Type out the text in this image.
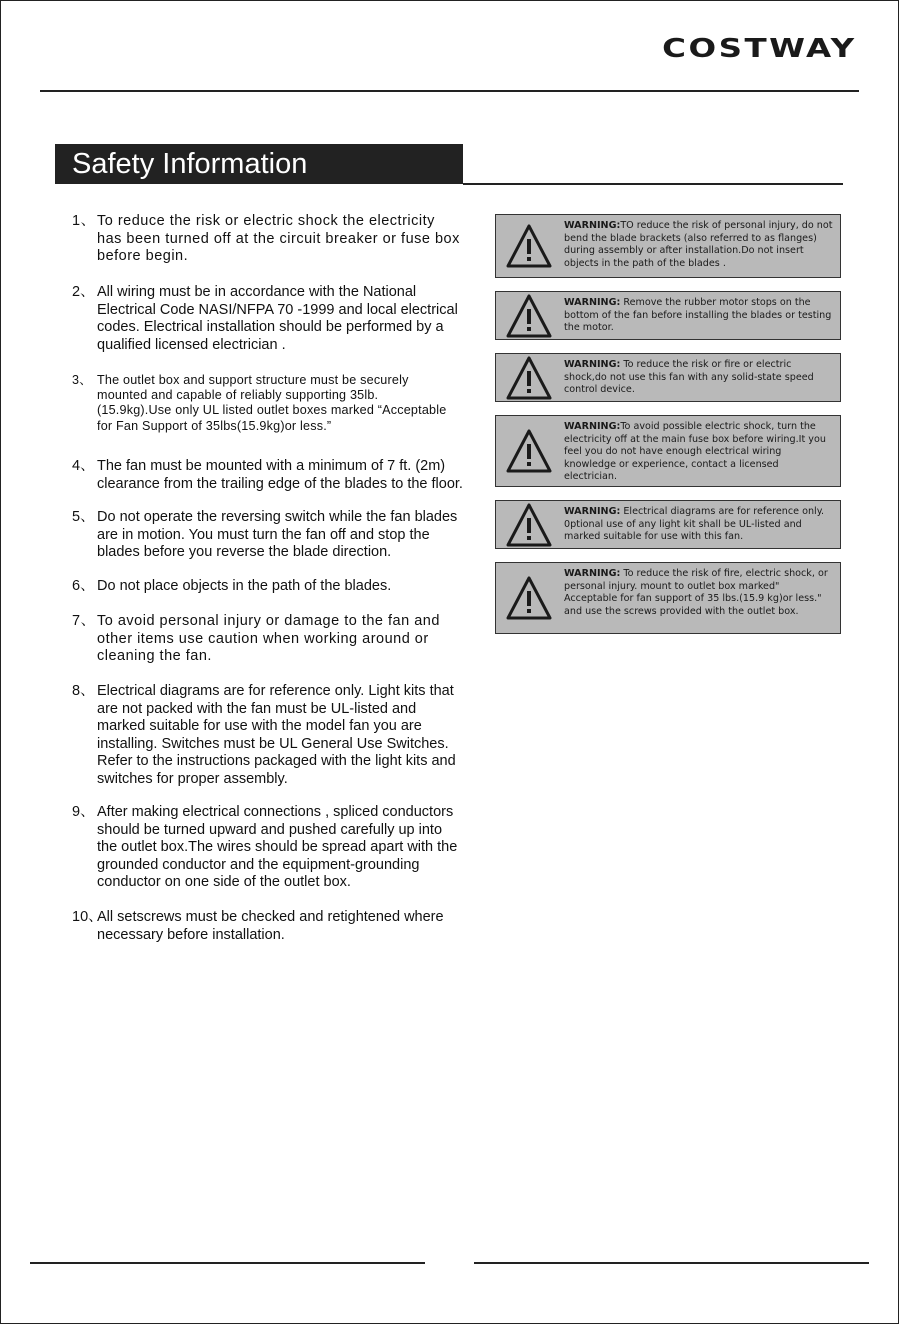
COSTWAY
Safety Information
1、 To reduce the risk or electric shock the electricity has been turned off at the circuit breaker or fuse box before begin.
2、 All wiring must be in accordance with the National Electrical Code NASI/NFPA 70 -1999 and local electrical codes. Electrical installation should be performed by a qualified licensed electrician .
3、 The outlet box and support structure must be securely mounted and capable of reliably supporting 35lb.(15.9kg).Use only UL listed outlet boxes marked “Acceptable for Fan Support of 35lbs(15.9kg)or less.”
4、 The fan must be mounted with a minimum of 7 ft. (2m) clearance from the trailing edge of the blades to the floor.
5、 Do not operate the reversing switch while the fan blades are in motion. You must turn the fan off and stop the blades before you reverse the blade direction.
6、 Do not place objects in the path of the blades.
7、 To avoid personal injury or damage to the fan and other items use caution when working around or cleaning the fan.
8、 Electrical diagrams are for reference only. Light kits that are not packed with the fan must be UL-listed and marked suitable for use with the model fan you are installing. Switches must be UL General Use Switches. Refer to the instructions packaged with the light kits and switches for proper assembly.
9、 After making electrical connections , spliced conductors should be turned upward and pushed carefully up into the outlet box.The wires should be spread apart with the grounded conductor and the equipment-grounding conductor on one side of the outlet box.
10、
All setscrews must be checked and retightened where necessary before installation.
WARNING:TO reduce the risk of personal injury, do not bend the blade brackets (also referred to as flanges) during assembly or after installation.Do not insert objects in the path of the blades .
WARNING: Remove the rubber motor stops on the bottom of the fan before installing the blades or testing the motor.
WARNING: To reduce the risk or fire or electric shock,do not use this fan with any solid-state speed control device.
WARNING:To avoid possible electric shock, turn the electricity off at the main fuse box before wiring.It you feel you do not have enough electrical wiring knowledge or experience, contact a licensed electrician.
WARNING: Electrical diagrams are for reference only. 0ptional use of any light kit shall be UL-listed and marked suitable for use with this fan.
WARNING: To reduce the risk of fire, electric shock, or personal injury. mount to outlet box marked" Acceptable for fan support of 35 lbs.(15.9 kg)or less." and use the screws provided with the outlet box.
